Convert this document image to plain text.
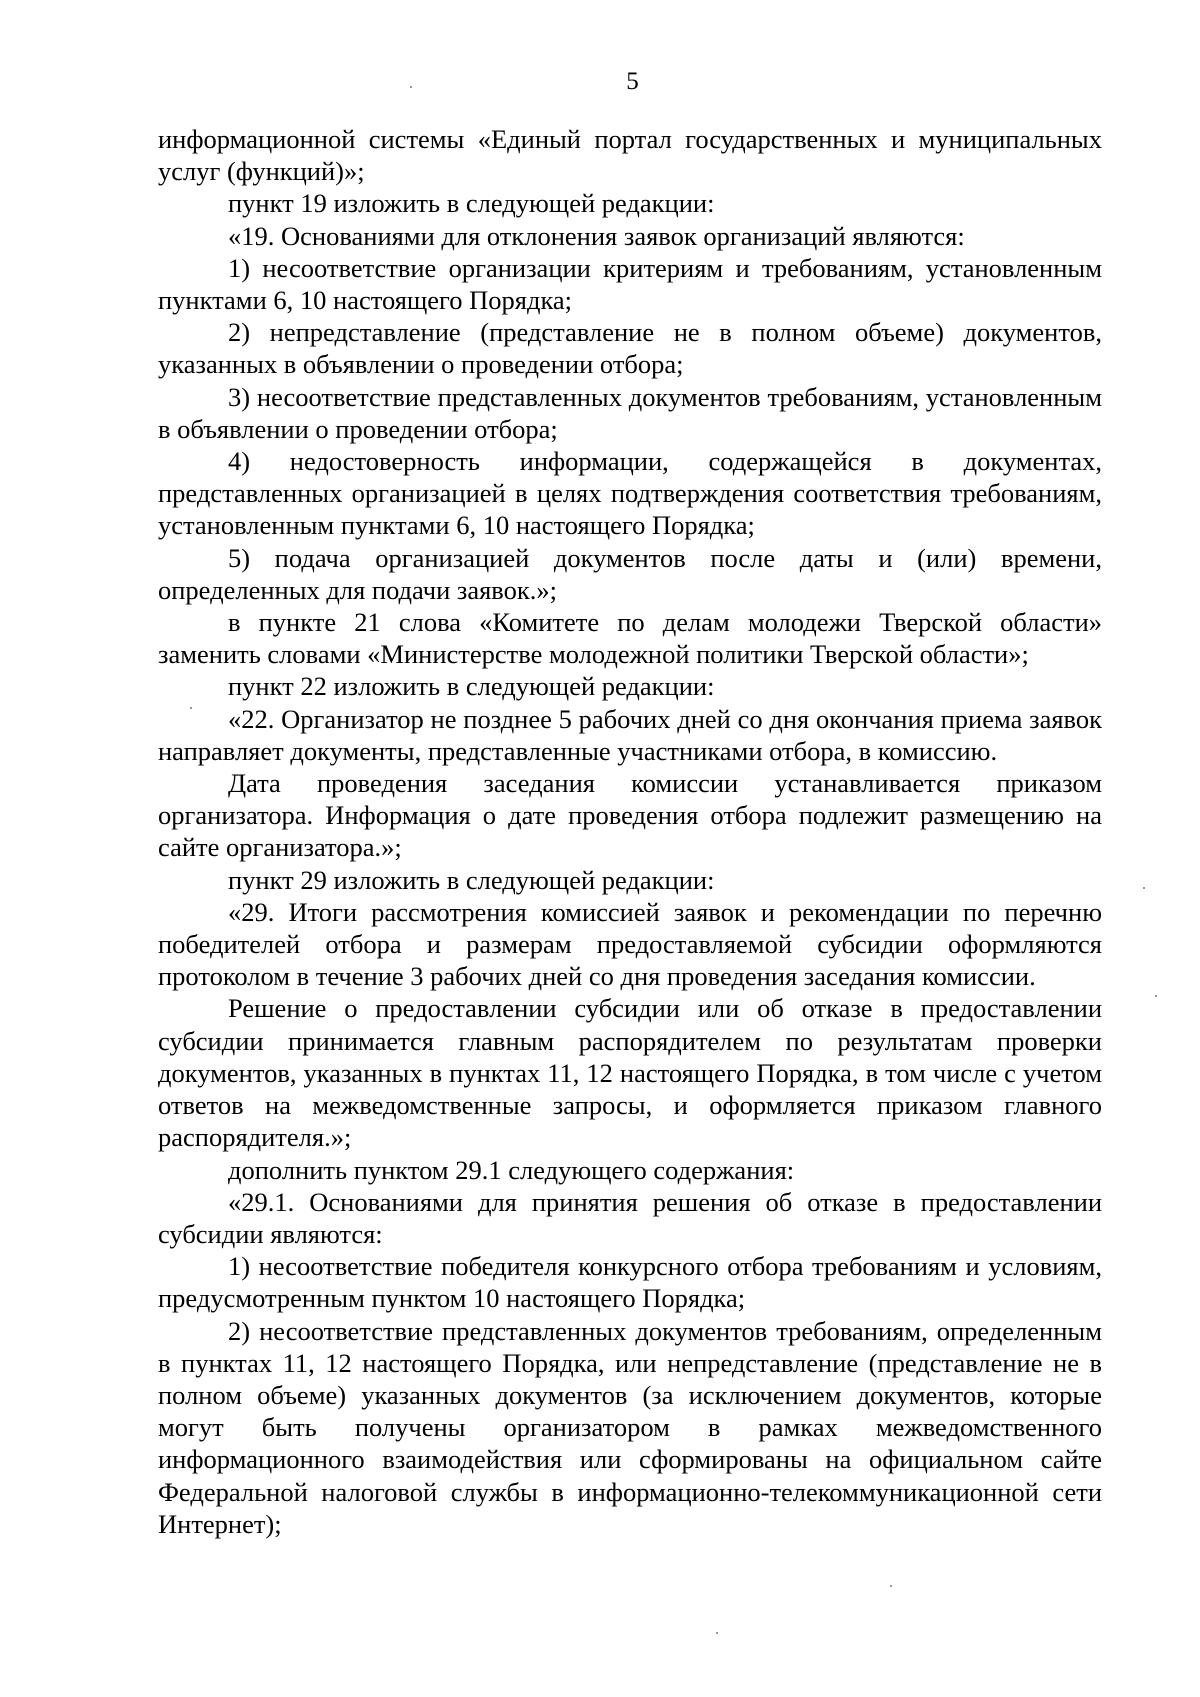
5

информационной системы «Единый портал государственных и муниципальных услуг (функций)»;

пункт 19 изложить в следующей редакции:

«19. Основаниями для отклонения заявок организаций являются:

1) несоответствие организации критериям и требованиям, установленным пунктами 6, 10 настоящего Порядка;

2) непредставление (представление не в полном объеме) документов, указанных в объявлении о проведении отбора;

3) несоответствие представленных документов требованиям, установленным в объявлении о проведении отбора;

4) недостоверность информации, содержащейся в документах, представленных организацией в целях подтверждения соответствия требованиям, установленным пунктами 6, 10 настоящего Порядка;

5) подача организацией документов после даты и (или) времени, определенных для подачи заявок.»;

в пункте 21 слова «Комитете по делам молодежи Тверской области» заменить словами «Министерстве молодежной политики Тверской области»;

пункт 22 изложить в следующей редакции:

«22. Организатор не позднее 5 рабочих дней со дня окончания приема заявок направляет документы, представленные участниками отбора, в комиссию.

Дата проведения заседания комиссии устанавливается приказом организатора. Информация о дате проведения отбора подлежит размещению на сайте организатора.»;

пункт 29 изложить в следующей редакции:

«29. Итоги рассмотрения комиссией заявок и рекомендации по перечню победителей отбора и размерам предоставляемой субсидии оформляются протоколом в течение 3 рабочих дней со дня проведения заседания комиссии.

Решение о предоставлении субсидии или об отказе в предоставлении субсидии принимается главным распорядителем по результатам проверки документов, указанных в пунктах 11, 12 настоящего Порядка, в том числе с учетом ответов на межведомственные запросы, и оформляется приказом главного распорядителя.»;

дополнить пунктом 29.1 следующего содержания:

«29.1. Основаниями для принятия решения об отказе в предоставлении субсидии являются:

1) несоответствие победителя конкурсного отбора требованиям и условиям, предусмотренным пунктом 10 настоящего Порядка;

2) несоответствие представленных документов требованиям, определенным в пунктах 11, 12 настоящего Порядка, или непредставление (представление не в полном объеме) указанных документов (за исключением документов, которые могут быть получены организатором в рамках межведомственного информационного взаимодействия или сформированы на официальном сайте Федеральной налоговой службы в информационно-телекоммуникационной сети Интернет);
